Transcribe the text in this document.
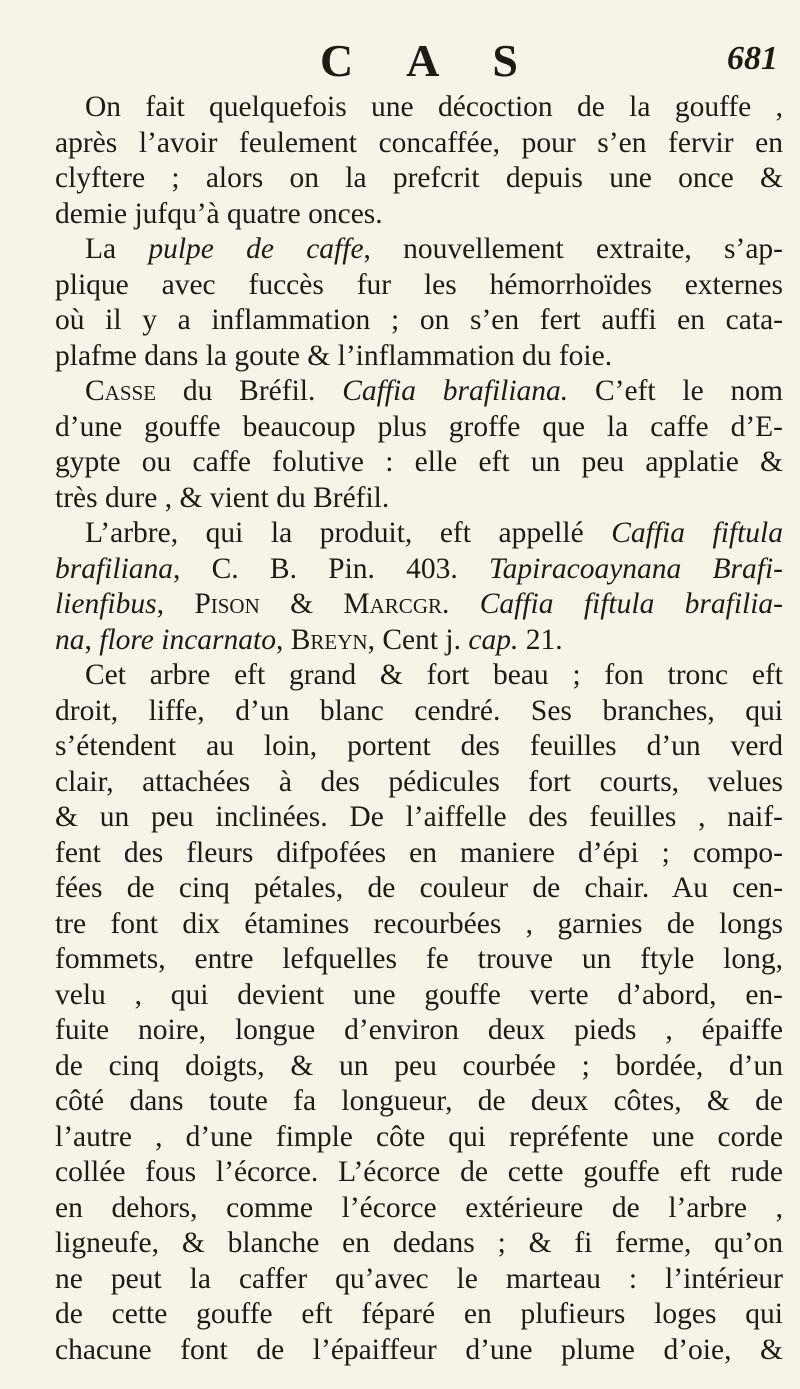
C A S	681
On fait quelquefois une décoction de la gouffe ,
après l’avoir feulement concaffée, pour s’en fervir en
clyftere ; alors on la prefcrit depuis une once &
demie jufqu’à quatre onces.
La pulpe de caffe, nouvellement extraite, s’ap-
plique avec fuccès fur les hémorrhoïdes externes
où il y a inflammation ; on s’en fert auffi en cata-
plafme dans la goute & l’inflammation du foie.
Casse du Bréfil. Caffia brafiliana. C’eft le nom
d’une gouffe beaucoup plus groffe que la caffe d’E-
gypte ou caffe folutive : elle eft un peu applatie &
très dure , & vient du Bréfil.
L’arbre, qui la produit, eft appellé Caffia fiftula
brafiliana, C. B. Pin. 403. Tapiracoaynana Brafi-
lienfibus, Pison & Marcgr. Caffia fiftula brafilia-
na, flore incarnato, Breyn, Cent j. cap. 21.
Cet arbre eft grand & fort beau ; fon tronc eft
droit, liffe, d’un blanc cendré. Ses branches, qui
s’étendent au loin, portent des feuilles d’un verd
clair, attachées à des pédicules fort courts, velues
& un peu inclinées. De l’aiffelle des feuilles , naif-
fent des fleurs difpofées en maniere d’épi ; compo-
fées de cinq pétales, de couleur de chair. Au cen-
tre font dix étamines recourbées , garnies de longs
fommets, entre lefquelles fe trouve un ftyle long,
velu , qui devient une gouffe verte d’abord, en-
fuite noire, longue d’environ deux pieds , épaiffe
de cinq doigts, & un peu courbée ; bordée, d’un
côté dans toute fa longueur, de deux côtes, & de
l’autre , d’une fimple côte qui repréfente une corde
collée fous l’écorce. L’écorce de cette gouffe eft rude
en dehors, comme l’écorce extérieure de l’arbre ,
ligneufe, & blanche en dedans ; & fi ferme, qu’on
ne peut la caffer qu’avec le marteau : l’intérieur
de cette gouffe eft féparé en plufieurs loges qui
chacune font de l’épaiffeur d’une plume d’oie, &
